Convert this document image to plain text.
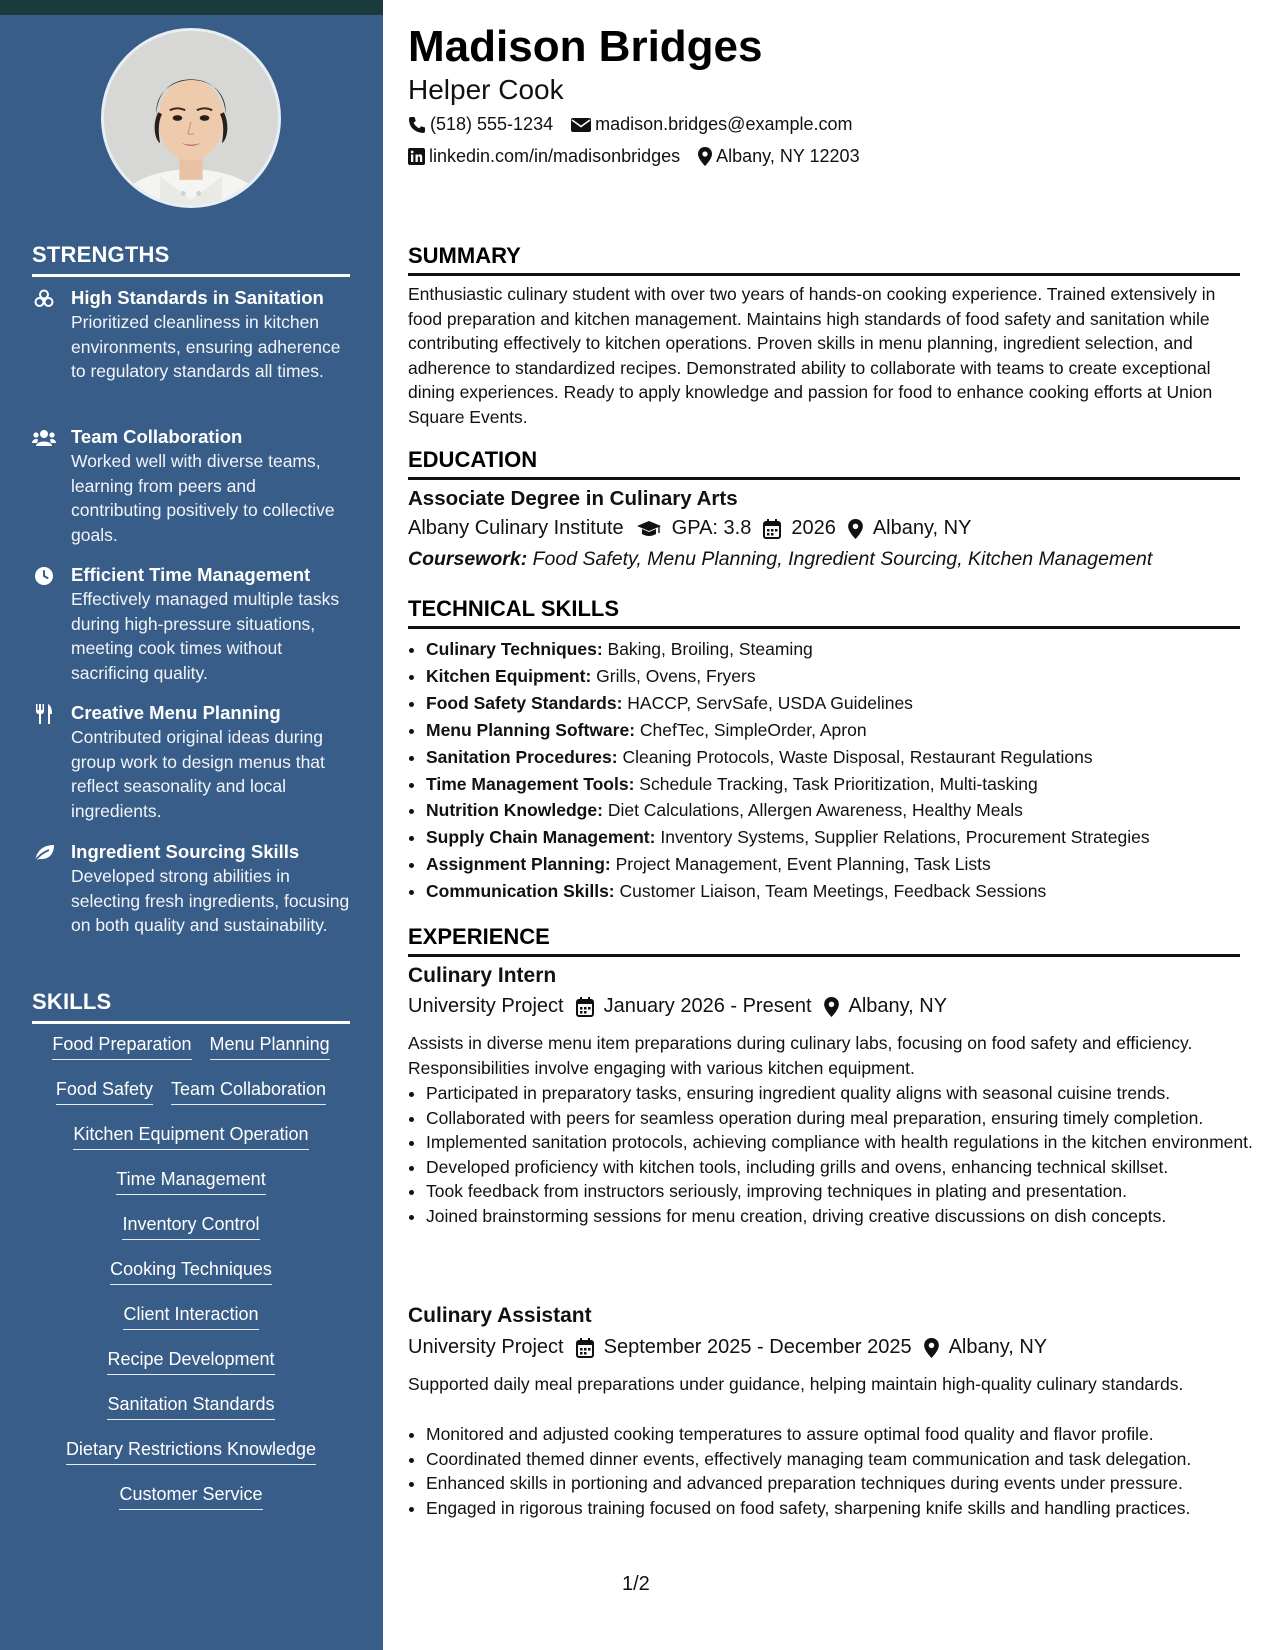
STRENGTHS
High Standards in Sanitation
Prioritized cleanliness in kitchen environments, ensuring adherence to regulatory standards all times.
Team Collaboration
Worked well with diverse teams, learning from peers and contributing positively to collective goals.
Efficient Time Management
Effectively managed multiple tasks during high-pressure situations, meeting cook times without sacrificing quality.
Creative Menu Planning
Contributed original ideas during group work to design menus that reflect seasonality and local ingredients.
Ingredient Sourcing Skills
Developed strong abilities in selecting fresh ingredients, focusing on both quality and sustainability.
SKILLS
Food Preparation Menu Planning
Food Safety Team Collaboration
Kitchen Equipment Operation
Time Management
Inventory Control
Cooking Techniques
Client Interaction
Recipe Development
Sanitation Standards
Dietary Restrictions Knowledge
Customer Service
Madison Bridges
Helper Cook
(518) 555-1234 madison.bridges@example.com
linkedin.com/in/madisonbridges Albany, NY 12203
SUMMARY
Enthusiastic culinary student with over two years of hands-on cooking experience. Trained extensively in food preparation and kitchen management. Maintains high standards of food safety and sanitation while contributing effectively to kitchen operations. Proven skills in menu planning, ingredient selection, and adherence to standardized recipes. Demonstrated ability to collaborate with teams to create exceptional dining experiences. Ready to apply knowledge and passion for food to enhance cooking efforts at Union Square Events.
EDUCATION
Associate Degree in Culinary Arts
Albany Culinary Institute GPA: 3.8 2026 Albany, NY
Coursework: Food Safety, Menu Planning, Ingredient Sourcing, Kitchen Management
TECHNICAL SKILLS
• Culinary Techniques: Baking, Broiling, Steaming
• Kitchen Equipment: Grills, Ovens, Fryers
• Food Safety Standards: HACCP, ServSafe, USDA Guidelines
• Menu Planning Software: ChefTec, SimpleOrder, Apron
• Sanitation Procedures: Cleaning Protocols, Waste Disposal, Restaurant Regulations
• Time Management Tools: Schedule Tracking, Task Prioritization, Multi-tasking
• Nutrition Knowledge: Diet Calculations, Allergen Awareness, Healthy Meals
• Supply Chain Management: Inventory Systems, Supplier Relations, Procurement Strategies
• Assignment Planning: Project Management, Event Planning, Task Lists
• Communication Skills: Customer Liaison, Team Meetings, Feedback Sessions
EXPERIENCE
Culinary Intern
University Project January 2026 - Present Albany, NY
Assists in diverse menu item preparations during culinary labs, focusing on food safety and efficiency. Responsibilities involve engaging with various kitchen equipment.
• Participated in preparatory tasks, ensuring ingredient quality aligns with seasonal cuisine trends.
• Collaborated with peers for seamless operation during meal preparation, ensuring timely completion.
• Implemented sanitation protocols, achieving compliance with health regulations in the kitchen environment.
• Developed proficiency with kitchen tools, including grills and ovens, enhancing technical skillset.
• Took feedback from instructors seriously, improving techniques in plating and presentation.
• Joined brainstorming sessions for menu creation, driving creative discussions on dish concepts.
Culinary Assistant
University Project September 2025 - December 2025 Albany, NY
Supported daily meal preparations under guidance, helping maintain high-quality culinary standards.
• Monitored and adjusted cooking temperatures to assure optimal food quality and flavor profile.
• Coordinated themed dinner events, effectively managing team communication and task delegation.
• Enhanced skills in portioning and advanced preparation techniques during events under pressure.
• Engaged in rigorous training focused on food safety, sharpening knife skills and handling practices.
1/2
